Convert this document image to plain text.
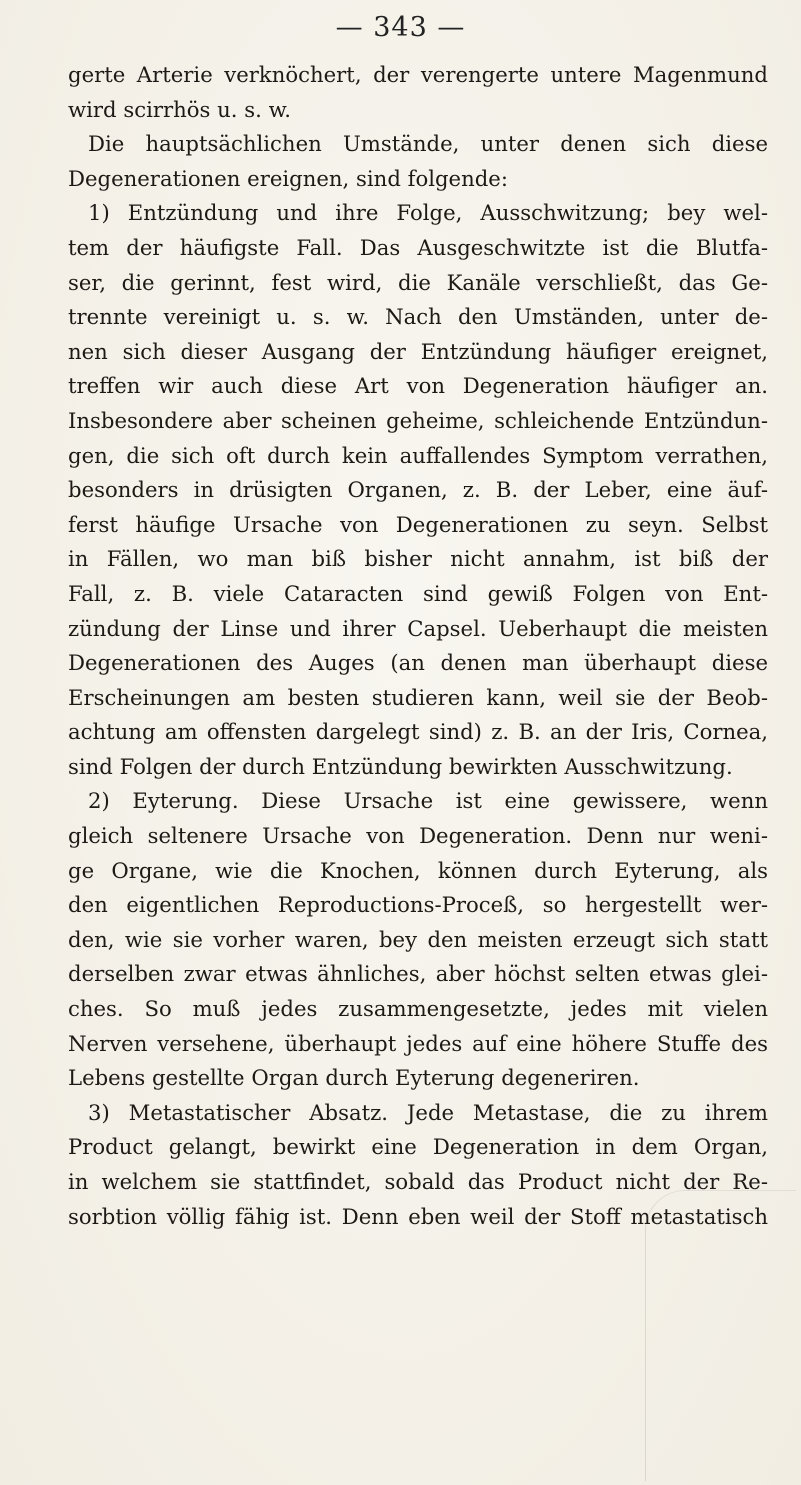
— 343 —
gerte Arterie verknöchert, der verengerte untere Magenmund
wird scirrhös u. s. w.
Die hauptsächlichen Umstände, unter denen sich diese
Degenerationen ereignen, sind folgende:
1) Entzündung und ihre Folge, Ausschwitzung; bey wel-
tem der häufigste Fall. Das Ausgeschwitzte ist die Blutfa-
ser, die gerinnt, fest wird, die Kanäle verschließt, das Ge-
trennte vereinigt u. s. w. Nach den Umständen, unter de-
nen sich dieser Ausgang der Entzündung häufiger ereignet,
treffen wir auch diese Art von Degeneration häufiger an.
Insbesondere aber scheinen geheime, schleichende Entzündun-
gen, die sich oft durch kein auffallendes Symptom verrathen,
besonders in drüsigten Organen, z. B. der Leber, eine äuf-
ferst häufige Ursache von Degenerationen zu seyn. Selbst
in Fällen, wo man biß bisher nicht annahm, ist biß der
Fall, z. B. viele Cataracten sind gewiß Folgen von Ent-
zündung der Linse und ihrer Capsel. Ueberhaupt die meisten
Degenerationen des Auges (an denen man überhaupt diese
Erscheinungen am besten studieren kann, weil sie der Beob-
achtung am offensten dargelegt sind) z. B. an der Iris, Cornea,
sind Folgen der durch Entzündung bewirkten Ausschwitzung.
2) Eyterung. Diese Ursache ist eine gewissere, wenn
gleich seltenere Ursache von Degeneration. Denn nur weni-
ge Organe, wie die Knochen, können durch Eyterung, als
den eigentlichen Reproductions-Proceß, so hergestellt wer-
den, wie sie vorher waren, bey den meisten erzeugt sich statt
derselben zwar etwas ähnliches, aber höchst selten etwas glei-
ches. So muß jedes zusammengesetzte, jedes mit vielen
Nerven versehene, überhaupt jedes auf eine höhere Stuffe des
Lebens gestellte Organ durch Eyterung degeneriren.
3) Metastatischer Absatz. Jede Metastase, die zu ihrem
Product gelangt, bewirkt eine Degeneration in dem Organ,
in welchem sie stattfindet, sobald das Product nicht der Re-
sorbtion völlig fähig ist. Denn eben weil der Stoff metastatisch
